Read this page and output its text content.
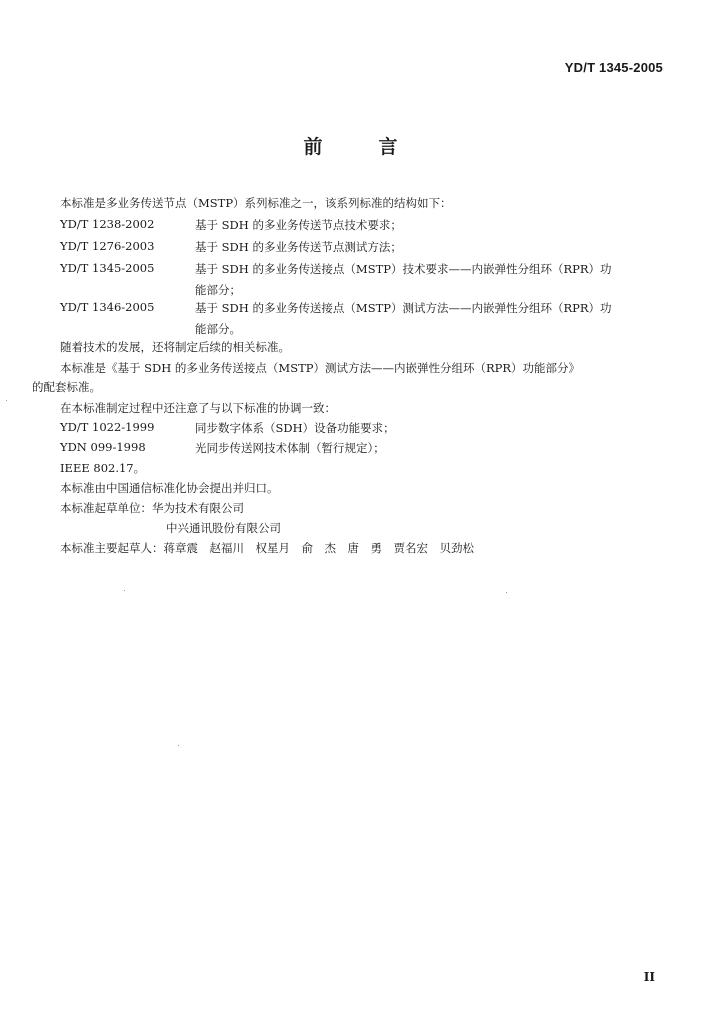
YD/T 1345-2005
前言
本标准是多业务传送节点（MSTP）系列标准之一，该系列标准的结构如下：
YD/T 1238-2002	基于 SDH 的多业务传送节点技术要求；
YD/T 1276-2003	基于 SDH 的多业务传送节点测试方法；
YD/T 1345-2005	基于 SDH 的多业务传送接点（MSTP）技术要求——内嵌弹性分组环（RPR）功
能部分；
YD/T 1346-2005	基于 SDH 的多业务传送接点（MSTP）测试方法——内嵌弹性分组环（RPR）功
能部分。
随着技术的发展，还将制定后续的相关标准。
本标准是《基于 SDH 的多业务传送接点（MSTP）测试方法——内嵌弹性分组环（RPR）功能部分》
的配套标准。
在本标准制定过程中还注意了与以下标准的协调一致：
YD/T 1022-1999	同步数字体系（SDH）设备功能要求；
YDN 099-1998	光同步传送网技术体制（暂行规定）；
IEEE 802.17。
本标准由中国通信标准化协会提出并归口。
本标准起草单位：华为技术有限公司
中兴通讯股份有限公司
本标准主要起草人：蒋章震　赵福川　权星月　俞　杰　唐　勇　贾名宏　贝劲松
II
